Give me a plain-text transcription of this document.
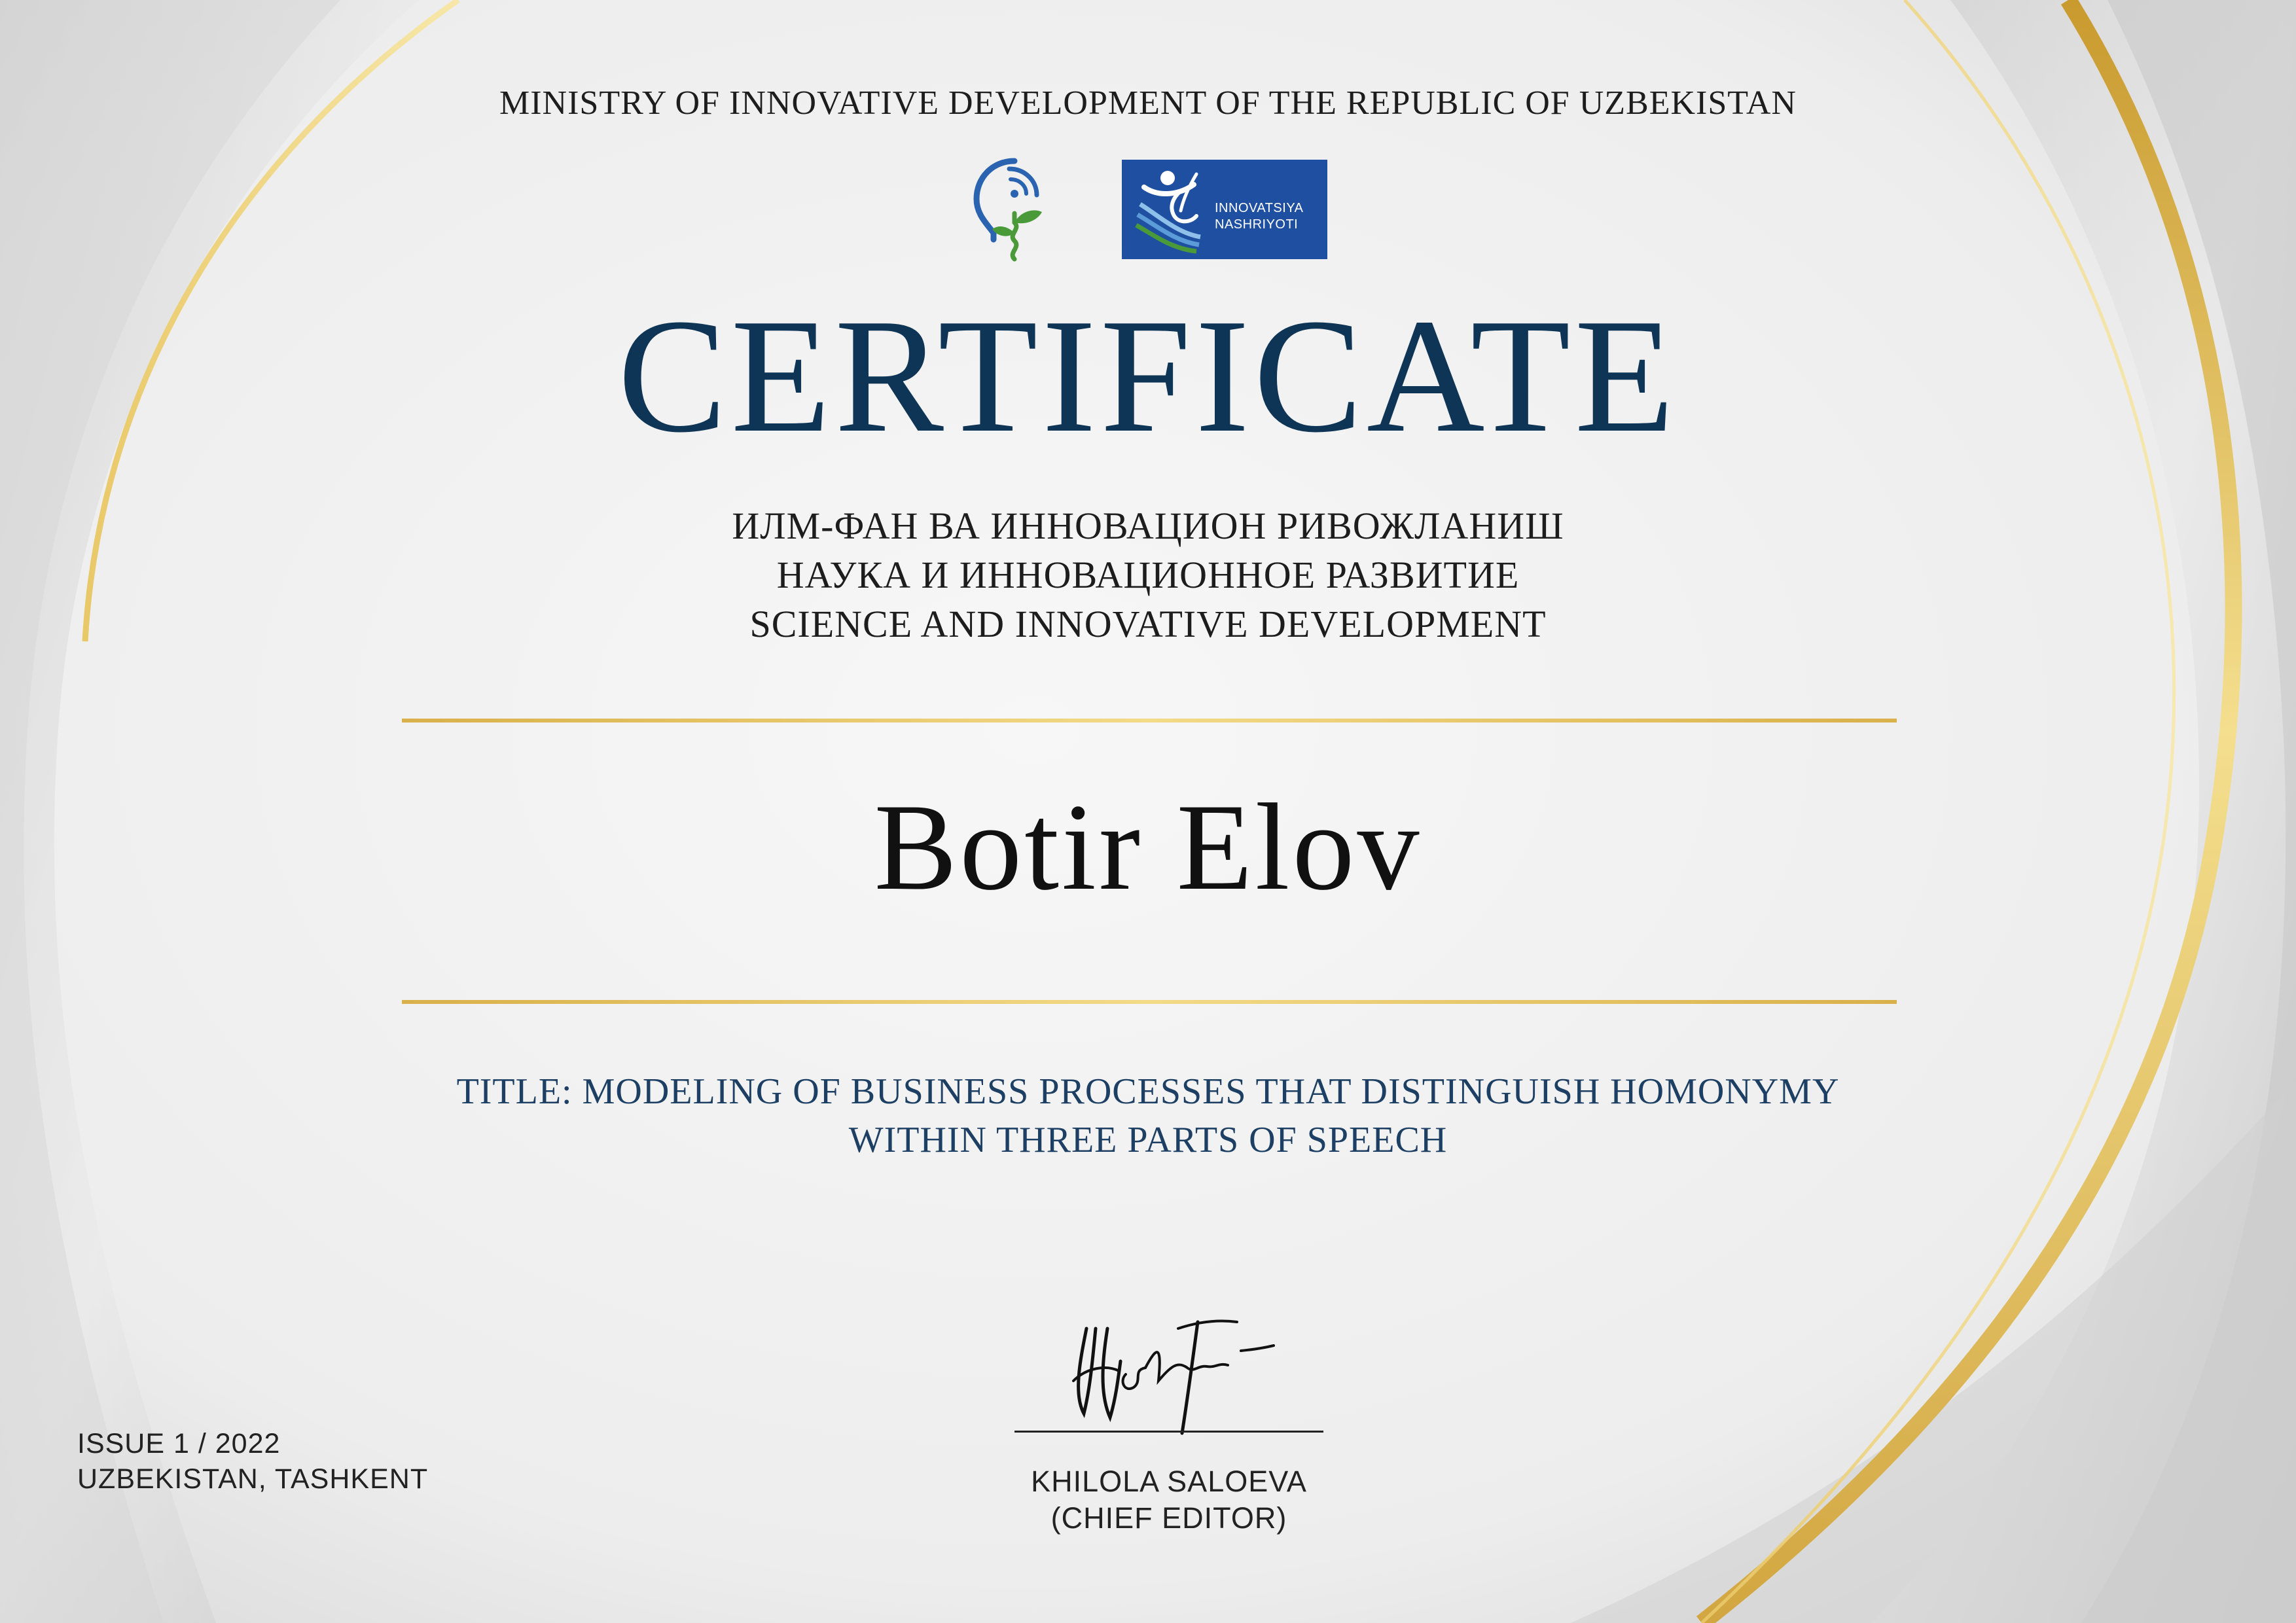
MINISTRY OF INNOVATIVE DEVELOPMENT OF THE REPUBLIC OF UZBEKISTAN
INNOVATSIYA
NASHRIYOTI
CERTIFICATE
ИЛМ-ФАН ВА ИННОВАЦИОН РИВОЖЛАНИШ
НАУКА И ИННОВАЦИОННОЕ РАЗВИТИЕ
SCIENCE AND INNOVATIVE DEVELOPMENT
Botir Elov
TITLE: MODELING OF BUSINESS PROCESSES THAT DISTINGUISH HOMONYMY
WITHIN THREE PARTS OF SPEECH
ISSUE 1 / 2022
UZBEKISTAN, TASHKENT	KHILOLA SALOEVA
(CHIEF EDITOR)
